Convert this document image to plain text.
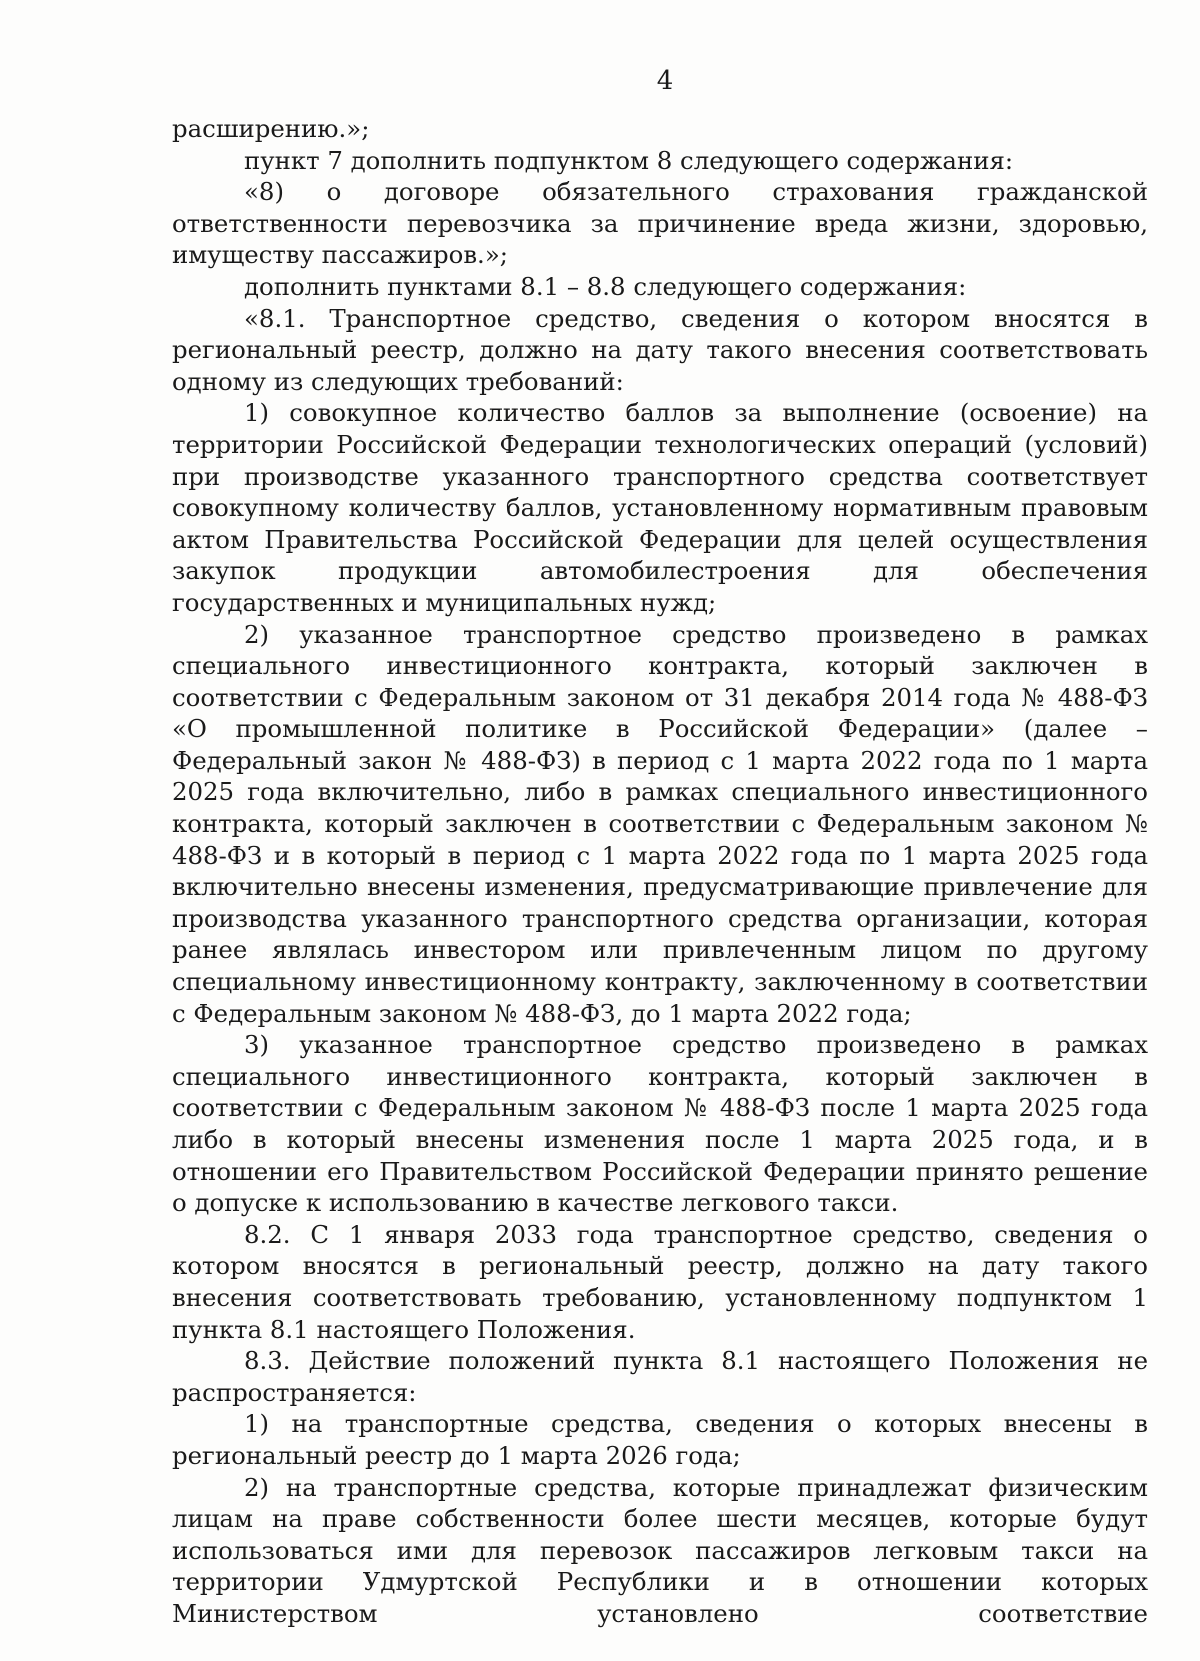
4

расширению.»;

пункт 7 дополнить подпунктом 8 следующего содержания:

«8) о договоре обязательного страхования гражданской ответственности перевозчика за причинение вреда жизни, здоровью, имуществу пассажиров.»;

дополнить пунктами 8.1 – 8.8 следующего содержания:

«8.1. Транспортное средство, сведения о котором вносятся в региональный реестр, должно на дату такого внесения соответствовать одному из следующих требований:

1) совокупное количество баллов за выполнение (освоение) на территории Российской Федерации технологических операций (условий) при производстве указанного транспортного средства соответствует совокупному количеству баллов, установленному нормативным правовым актом Правительства Российской Федерации для целей осуществления закупок продукции автомобилестроения для обеспечения государственных и муниципальных нужд;

2) указанное транспортное средство произведено в рамках специального инвестиционного контракта, который заключен в соответствии с Федеральным законом от 31 декабря 2014 года № 488-ФЗ «О промышленной политике в Российской Федерации» (далее – Федеральный закон № 488-ФЗ) в период с 1 марта 2022 года по 1 марта 2025 года включительно, либо в рамках специального инвестиционного контракта, который заключен в соответствии с Федеральным законом № 488-ФЗ и в который в период с 1 марта 2022 года по 1 марта 2025 года включительно внесены изменения, предусматривающие привлечение для производства указанного транспортного средства организации, которая ранее являлась инвестором или привлеченным лицом по другому специальному инвестиционному контракту, заключенному в соответствии с Федеральным законом № 488-ФЗ, до 1 марта 2022 года;

3) указанное транспортное средство произведено в рамках специального инвестиционного контракта, который заключен в соответствии с Федеральным законом № 488-ФЗ после 1 марта 2025 года либо в который внесены изменения после 1 марта 2025 года, и в отношении его Правительством Российской Федерации принято решение о допуске к использованию в качестве легкового такси.

8.2. С 1 января 2033 года транспортное средство, сведения о котором вносятся в региональный реестр, должно на дату такого внесения соответствовать требованию, установленному подпунктом 1 пункта 8.1 настоящего Положения.

8.3. Действие положений пункта 8.1 настоящего Положения не распространяется:

1) на транспортные средства, сведения о которых внесены в региональный реестр до 1 марта 2026 года;

2) на транспортные средства, которые принадлежат физическим лицам на праве собственности более шести месяцев, которые будут использоваться ими для перевозок пассажиров легковым такси на территории Удмуртской Республики и в отношении которых Министерством установлено соответствие
